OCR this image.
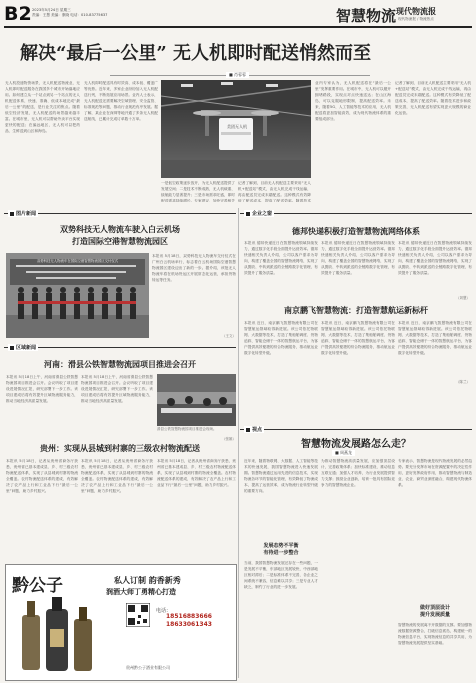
B2 2023年5月24日 星期三
责编：王慧 美编：康晓 电话：010-83775637	智慧物流 现代物流报
现代物流报 / 物流热点
解决“最后一公里” 无人机即时配送悄然而至
■ 肖蓉蓉
无人机投递物资场景，无人机配送物流业，无人机即时配送服务在我国多个城市开始落地应用。如何建立从一个站点到另一个站点的无人机配送体系，快速、准确、低成本地完成“最后一公里”的配送，是行业关注的焦点。随着低空经济发展，无人机配送的场景越来越丰富。在城市里，无人机可以帮助外卖平台实现更快的配送；在偏远地区，无人机可以把药品、生鲜送到山区和海岛。
无人机即时配送具有时效高、成本低、覆盖广等优势。近年来，多家企业纷纷加入无人机配送行列，不断拓展应用场景。业内人士表示，无人机配送还需要解决空域管理、安全监管、标准规范等问题，推动行业规范有序发展。据了解，某企业在深圳等地开通了多条无人机配送航线，已累计完成订单数十万单。
美团无人机
一是低空政策逐步放开，为无人机配送提供了发展空间；二是技术不断成熟，无人机载重、续航能力显著提升；三是市场需求旺盛，即时配送需求持续增长。专家建议，加快完善相关
记者了解到，目前无人机配送主要采用“无人机+配送站”模式，由无人机完成干线运输，再由配送员完成末端配送。这种模式有效降低了配送成本，提高了配送效率。随着技术
业内专家认为，无人机配送将在“最后一公里”发挥重要作用。在城市中，无人机可以避开拥堵路段，实现点对点快速送达；在山区海岛，可以克服地形限制，提高配送效率。未来，随着5G、人工智能等技术的应用，无人机配送将更加智能高效，成为现代物流体系的重要组成部分。
记者了解到，目前无人机配送主要采用“无人机+配送站”模式，由无人机完成干线运输，再由配送员完成末端配送。这种模式有效降低了配送成本，提高了配送效率。随着技术进步和政策完善，无人机配送有望实现更大规模的商业化运营。
图片新闻
双势科技无人物流车驶入白云机场
打造国际空港智慧物流园区
双势科技无人物流车在国际空港智慧物流园区交付仪式
本报讯 5月18日，双势科技无人物流车交付仪式在广州白云机场举行，标志着白云机场国际空港智慧物流园区建设迈出了新的一步。据介绍，该批无人物流车将在机场货运区开展常态化运营，承担货物转运等任务。
（王文）
企业之窗
德邦快递积极打造智慧物流网络体系
本报讯 德邦快递近日在智慧物流领域持续发力，通过数字化手段全面提升运营效率。德邦快递相关负责人介绍，公司以客户需求为导向，构建了覆盖全国的智慧物流网络，实现了从揽收、中转到派送的全链路数字化管理，有效提升了服务质量。
本报讯 德邦快递近日在智慧物流领域持续发力，通过数字化手段全面提升运营效率。德邦快递相关负责人介绍，公司以客户需求为导向，构建了覆盖全国的智慧物流网络，实现了从揽收、中转到派送的全链路数字化管理，有效提升了服务质量。
本报讯 德邦快递近日在智慧物流领域持续发力，通过数字化手段全面提升运营效率。德邦快递相关负责人介绍，公司以客户需求为导向，构建了覆盖全国的智慧物流网络，实现了从揽收、中转到派送的全链路数字化管理，有效提升了服务质量。
（刘慧）
南京鹏飞智慧物流：打造智慧航运新标杆
本报讯 近日，南京鹏飞智慧物流有限公司在智慧航运领域取得新进展。该公司依托物联网、大数据等技术，打造了集船舶调度、货物追踪、智能仓储于一体的智慧航运平台，为客户提供高效便捷的综合物流服务，推动航运业数字化转型升级。
本报讯 近日，南京鹏飞智慧物流有限公司在智慧航运领域取得新进展。该公司依托物联网、大数据等技术，打造了集船舶调度、货物追踪、智能仓储于一体的智慧航运平台，为客户提供高效便捷的综合物流服务，推动航运业数字化转型升级。
本报讯 近日，南京鹏飞智慧物流有限公司在智慧航运领域取得新进展。该公司依托物联网、大数据等技术，打造了集船舶调度、货物追踪、智能仓储于一体的智慧航运平台，为客户提供高效便捷的综合物流服务，推动航运业数字化转型升级。
（陈兰）
区域新闻
河南：滑县公铁智慧物流园项目推进会召开
本报讯 5月18日上午，河南省滑县公铁智慧物流园项目推进会召开。会议听取了项目建设进展情况汇报，研究部署下一步工作。该项目建成后将有效提升区域物流服务能力，推动当地经济高质量发展。
本报讯 5月18日上午，河南省滑县公铁智慧物流园项目推进会召开。会议听取了项目建设进展情况汇报，研究部署下一步工作。该项目建成后将有效提升区域物流服务能力，推动当地经济高质量发展。
滑县公铁智慧物流园项目推进会现场。
（张雄）
贵州：实现从县城到村寨的三级农村物流配送
本报讯 5月18日，记者从贵州省商务厅获悉，贵州省已基本建成县、乡、村三级农村物流配送体系，实现了从县城到村寨的物流全覆盖。农村物流配送体系的建成，有效解决了农产品上行和工业品下行“最后一公里”问题，助力乡村振兴。
本报讯 5月18日，记者从贵州省商务厅获悉，贵州省已基本建成县、乡、村三级农村物流配送体系，实现了从县城到村寨的物流全覆盖。农村物流配送体系的建成，有效解决了农产品上行和工业品下行“最后一公里”问题，助力乡村振兴。
本报讯 5月18日，记者从贵州省商务厅获悉，贵州省已基本建成县、乡、村三级农村物流配送体系，实现了从县城到村寨的物流全覆盖。农村物流配送体系的建成，有效解决了农产品上行和工业品下行“最后一公里”问题，助力乡村振兴。
黔公子	私人订制 韵香新秀
润酒大师丁勇精心打造
电话：
18516883666
18633061343
贵州黔公子酒业有限公司
视点
智慧物流发展路怎么走？
■ 周燕龙
近年来，随着物联网、大数据、人工智能等技术的快速发展，我国智慧物流进入快速发展期。智慧物流通过运用先进的信息技术，实现物流各环节的智能化管理，有效降低了物流成本，提高了运营效率，成为物流行业转型升级的重要方向。
发展态势不平衡
有待进一步整合
当前，我国智慧物流发展还存在一些问题，一是发展不平衡，东部地区发展较快，中西部地区相对滞后；二是标准体系不完善，各企业之间系统不兼容，信息难以共享；三是专业人才缺乏，制约了行业的进一步发展。
为推动智慧物流高质量发展，应加强顶层设计，完善政策体系；加快标准建设，推动信息互联互通；加强人才培养，为行业发展提供智力支撑；鼓励企业创新，培育一批具有国际竞争力的智慧物流企业。
专家表示，智慧物流是现代物流发展的必然趋势。要充分发挥市场在资源配置中的决定性作用，更好发挥政府作用，推动智慧物流与制造业、农业、商贸业深度融合，构建现代物流体系。
做好顶层设计
提升发展质量
智慧物流的发展离不开数据的支撑。要加强物流数据资源整合，打破信息孤岛，构建统一的物流信息平台，实现物流信息的共享共用，为智慧物流发展提供坚实基础。
